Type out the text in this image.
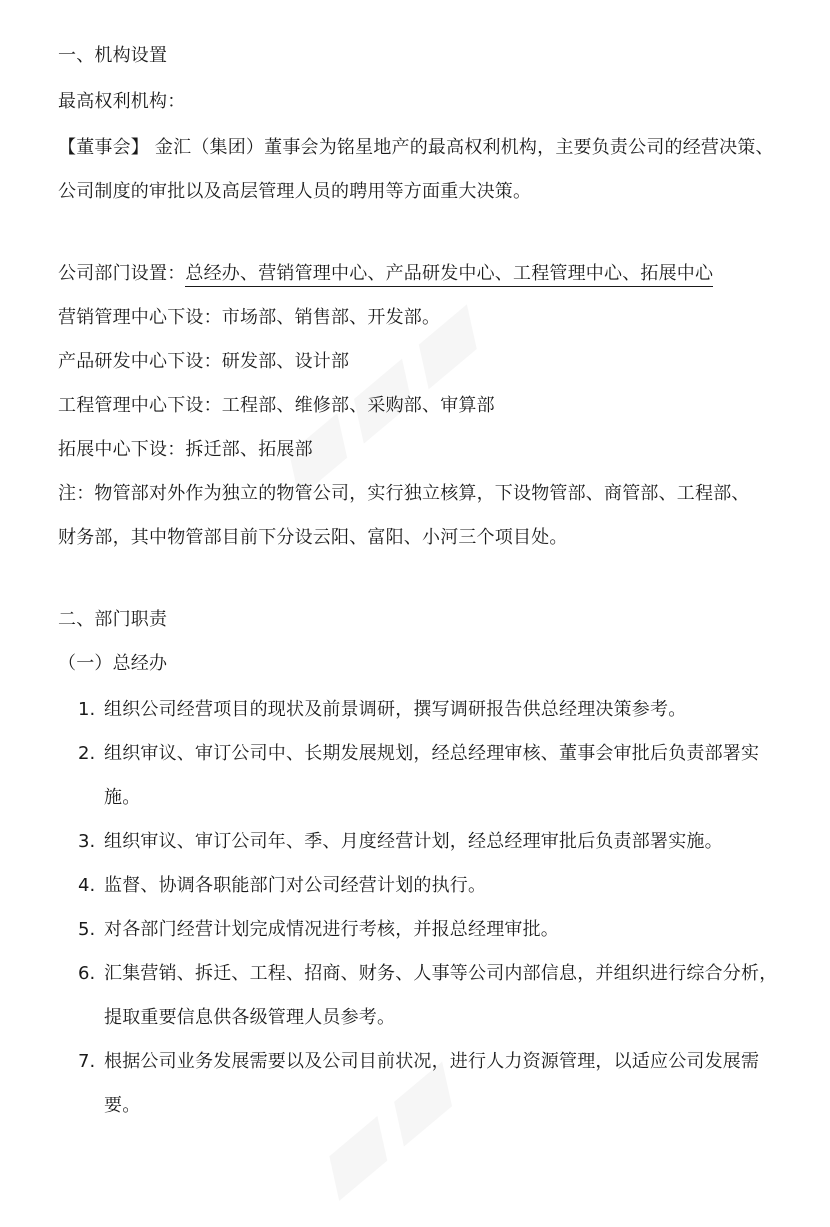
一、机构设置
最高权利机构：
【董事会】 金汇（集团）董事会为铭星地产的最高权利机构，主要负责公司的经营决策、
公司制度的审批以及高层管理人员的聘用等方面重大决策。
公司部门设置：总经办、营销管理中心、产品研发中心、工程管理中心、拓展中心
营销管理中心下设：市场部、销售部、开发部。
产品研发中心下设：研发部、设计部
工程管理中心下设：工程部、维修部、采购部、审算部
拓展中心下设：拆迁部、拓展部
注：物管部对外作为独立的物管公司，实行独立核算，下设物管部、商管部、工程部、
财务部，其中物管部目前下分设云阳、富阳、小河三个项目处。
二、部门职责
（一）总经办
1. 组织公司经营项目的现状及前景调研，撰写调研报告供总经理决策参考。
2. 组织审议、审订公司中、长期发展规划，经总经理审核、董事会审批后负责部署实
施。
3. 组织审议、审订公司年、季、月度经营计划，经总经理审批后负责部署实施。
4. 监督、协调各职能部门对公司经营计划的执行。
5. 对各部门经营计划完成情况进行考核，并报总经理审批。
6. 汇集营销、拆迁、工程、招商、财务、人事等公司内部信息，并组织进行综合分析，
提取重要信息供各级管理人员参考。
7. 根据公司业务发展需要以及公司目前状况，进行人力资源管理，以适应公司发展需
要。
